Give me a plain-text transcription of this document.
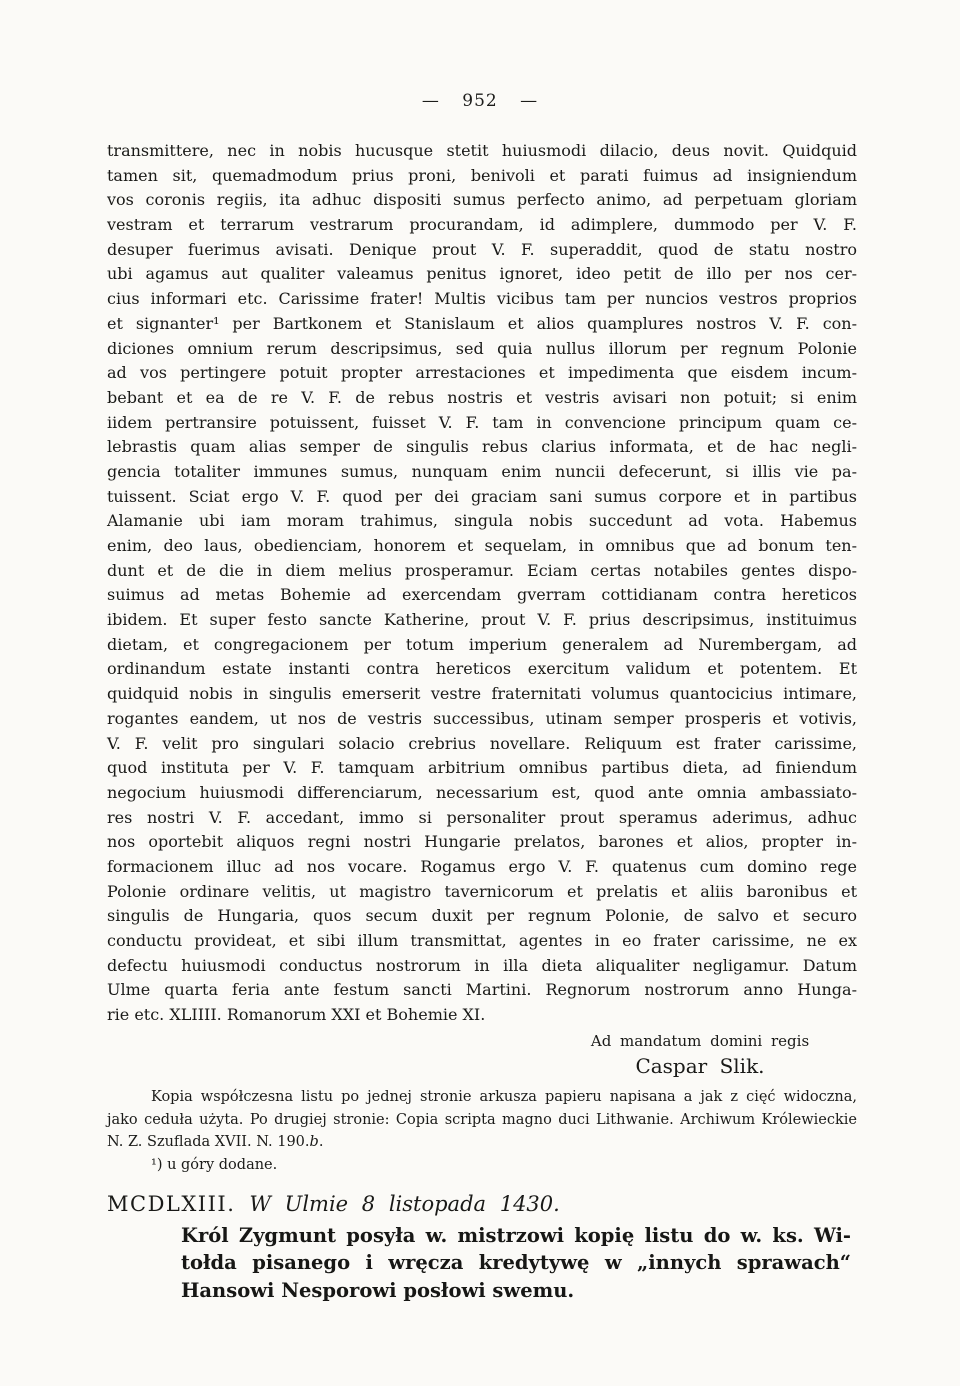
— 952 —
transmittere, nec in nobis hucusque stetit huiusmodi dilacio, deus novit. Quidquid
tamen sit, quemadmodum prius proni, benivoli et parati fuimus ad insigniendum
vos coronis regiis, ita adhuc dispositi sumus perfecto animo, ad perpetuam gloriam
vestram et terrarum vestrarum procurandam, id adimplere, dummodo per V. F.
desuper fuerimus avisati. Denique prout V. F. superaddit, quod de statu nostro
ubi agamus aut qualiter valeamus penitus ignoret, ideo petit de illo per nos cer-
cius informari etc. Carissime frater! Multis vicibus tam per nuncios vestros proprios
et signanter¹ per Bartkonem et Stanislaum et alios quamplures nostros V. F. con-
diciones omnium rerum descripsimus, sed quia nullus illorum per regnum Polonie
ad vos pertingere potuit propter arrestaciones et impedimenta que eisdem incum-
bebant et ea de re V. F. de rebus nostris et vestris avisari non potuit; si enim
iidem pertransire potuissent, fuisset V. F. tam in convencione principum quam ce-
lebrastis quam alias semper de singulis rebus clarius informata, et de hac negli-
gencia totaliter immunes sumus, nunquam enim nuncii defecerunt, si illis vie pa-
tuissent. Sciat ergo V. F. quod per dei graciam sani sumus corpore et in partibus
Alamanie ubi iam moram trahimus, singula nobis succedunt ad vota. Habemus
enim, deo laus, obedienciam, honorem et sequelam, in omnibus que ad bonum ten-
dunt et de die in diem melius prosperamur. Eciam certas notabiles gentes dispo-
suimus ad metas Bohemie ad exercendam gverram cottidianam contra hereticos
ibidem. Et super festo sancte Katherine, prout V. F. prius descripsimus, instituimus
dietam, et congregacionem per totum imperium generalem ad Nurembergam, ad
ordinandum estate instanti contra hereticos exercitum validum et potentem. Et
quidquid nobis in singulis emerserit vestre fraternitati volumus quantocicius intimare,
rogantes eandem, ut nos de vestris successibus, utinam semper prosperis et votivis,
V. F. velit pro singulari solacio crebrius novellare. Reliquum est frater carissime,
quod instituta per V. F. tamquam arbitrium omnibus partibus dieta, ad finiendum
negocium huiusmodi differenciarum, necessarium est, quod ante omnia ambassiato-
res nostri V. F. accedant, immo si personaliter prout speramus aderimus, adhuc
nos oportebit aliquos regni nostri Hungarie prelatos, barones et alios, propter in-
formacionem illuc ad nos vocare. Rogamus ergo V. F. quatenus cum domino rege
Polonie ordinare velitis, ut magistro tavernicorum et prelatis et aliis baronibus et
singulis de Hungaria, quos secum duxit per regnum Polonie, de salvo et securo
conductu provideat, et sibi illum transmittat, agentes in eo frater carissime, ne ex
defectu huiusmodi conductus nostrorum in illa dieta aliqualiter negligamur. Datum
Ulme quarta feria ante festum sancti Martini. Regnorum nostrorum anno Hunga-
rie etc. XLIIII. Romanorum XXI et Bohemie XI.
Ad mandatum domini regis
Caspar Slik.
Kopia współczesna listu po jednej stronie arkusza papieru napisana a jak z cięć widoczna,
jako ceduła użyta. Po drugiej stronie: Copia scripta magno duci Lithwanie. Archiwum Królewieckie
N. Z. Szuflada XVII. N. 190.b.
¹) u góry dodane.
MCDLXIII. W Ulmie 8 listopada 1430.
Król Zygmunt posyła w. mistrzowi kopię listu do w. ks. Wi-
tołda pisanego i wręcza kredytywę w „innych sprawach“
Hansowi Nesporowi posłowi swemu.
